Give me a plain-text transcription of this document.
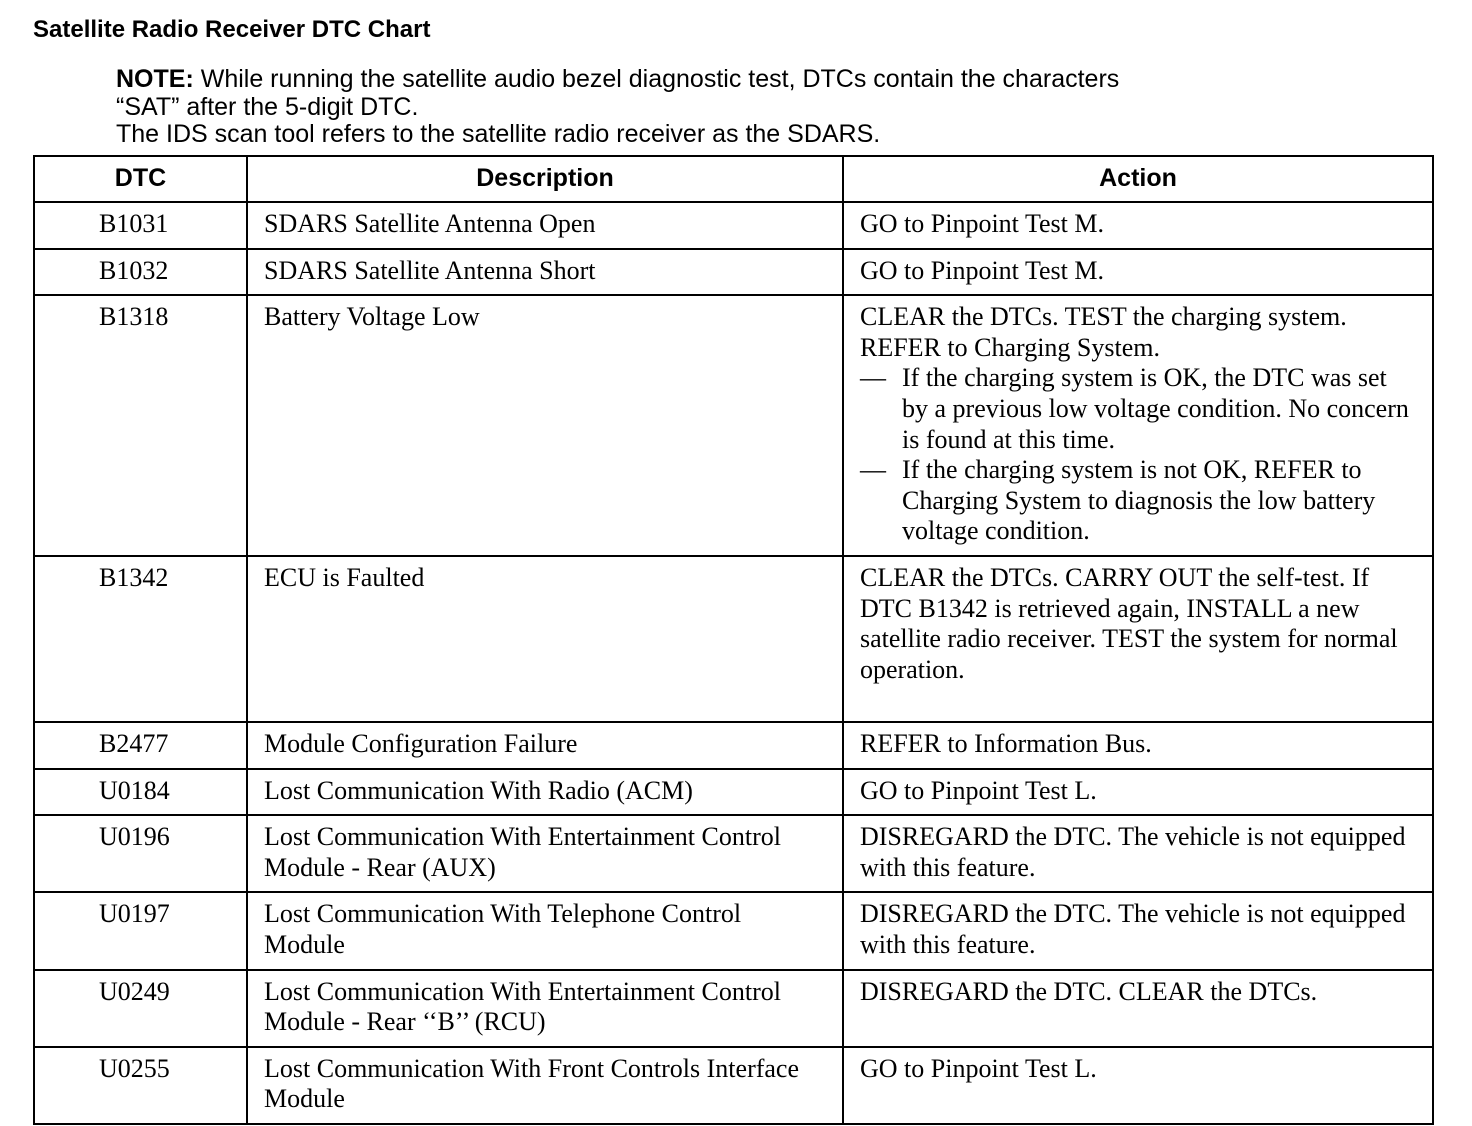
Satellite Radio Receiver DTC Chart
NOTE: While running the satellite audio bezel diagnostic test, DTCs contain the characters
“SAT” after the 5-digit DTC.
The IDS scan tool refers to the satellite radio receiver as the SDARS.
DTC	Description	Action
B1031	SDARS Satellite Antenna Open	GO to Pinpoint Test M.
B1032	SDARS Satellite Antenna Short	GO to Pinpoint Test M.
B1318	Battery Voltage Low	CLEAR the DTCs. TEST the charging system. REFER to Charging System.
— If the charging system is OK, the DTC was set by a previous low voltage condition. No concern is found at this time.
— If the charging system is not OK, REFER to Charging System to diagnosis the low battery voltage condition.

B1342	ECU is Faulted	CLEAR the DTCs. CARRY OUT the self-test. If DTC B1342 is retrieved again, INSTALL a new satellite radio receiver. TEST the system for normal operation.
B2477	Module Configuration Failure	REFER to Information Bus.
U0184	Lost Communication With Radio (ACM)	GO to Pinpoint Test L.
U0196	Lost Communication With Entertainment Control Module - Rear (AUX)	DISREGARD the DTC. The vehicle is not equipped with this feature.
U0197	Lost Communication With Telephone Control Module	DISREGARD the DTC. The vehicle is not equipped with this feature.
U0249	Lost Communication With Entertainment Control Module - Rear ‘‘B’’ (RCU)	DISREGARD the DTC. CLEAR the DTCs.
U0255	Lost Communication With Front Controls Interface Module	GO to Pinpoint Test L.
